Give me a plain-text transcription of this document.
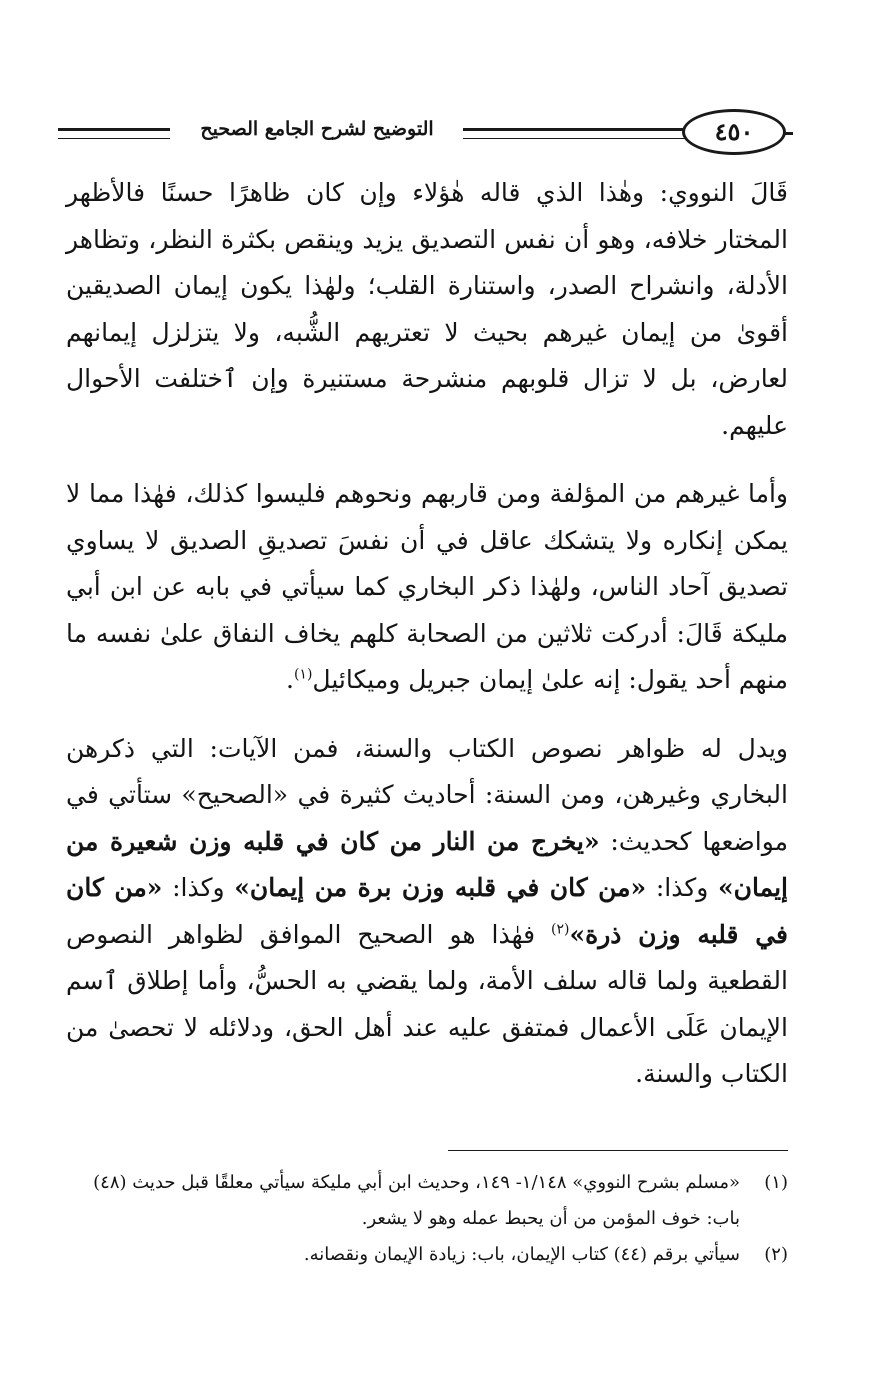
التوضيح لشرح الجامع الصحيح	٤٥٠

قَالَ النووي: وهٰذا الذي قاله هٰؤلاء وإن كان ظاهرًا حسنًا فالأظهر المختار خلافه، وهو أن نفس التصديق يزيد وينقص بكثرة النظر، وتظاهر الأدلة، وانشراح الصدر، واستنارة القلب؛ ولهٰذا يكون إيمان الصديقين أقوىٰ من إيمان غيرهم بحيث لا تعتريهم الشُّبه، ولا يتزلزل إيمانهم لعارض، بل لا تزال قلوبهم منشرحة مستنيرة وإن ٱختلفت الأحوال عليهم.

وأما غيرهم من المؤلفة ومن قاربهم ونحوهم فليسوا كذلك، فهٰذا مما لا يمكن إنكاره ولا يتشكك عاقل في أن نفسَ تصديقِ الصديق لا يساوي تصديق آحاد الناس، ولهٰذا ذكر البخاري كما سيأتي في بابه عن ابن أبي مليكة قَالَ: أدركت ثلاثين من الصحابة كلهم يخاف النفاق علىٰ نفسه ما منهم أحد يقول: إنه علىٰ إيمان جبريل وميكائيل$^{(١)}$.

ويدل له ظواهر نصوص الكتاب والسنة، فمن الآيات: التي ذكرهن البخاري وغيرهن، ومن السنة: أحاديث كثيرة في «الصحيح» ستأتي في مواضعها كحديث: «يخرج من النار من كان في قلبه وزن شعيرة من إيمان» وكذا: «من كان في قلبه وزن برة من إيمان» وكذا: «من كان في قلبه وزن ذرة»$^{(٢)}$ فهٰذا هو الصحيح الموافق لظواهر النصوص القطعية ولما قاله سلف الأمة، ولما يقضي به الحسُّ، وأما إطلاق ٱسم الإيمان عَلَى الأعمال فمتفق عليه عند أهل الحق، ودلائله لا تحصىٰ من الكتاب والسنة.

(١)
«مسلم بشرح النووي» ١/١٤٨- ١٤٩، وحديث ابن أبي مليكة سيأتي معلقًا قبل حديث (٤٨) باب: خوف المؤمن من أن يحبط عمله وهو لا يشعر.
(٢)
سيأتي برقم (٤٤) كتاب الإيمان، باب: زيادة الإيمان ونقصانه.
